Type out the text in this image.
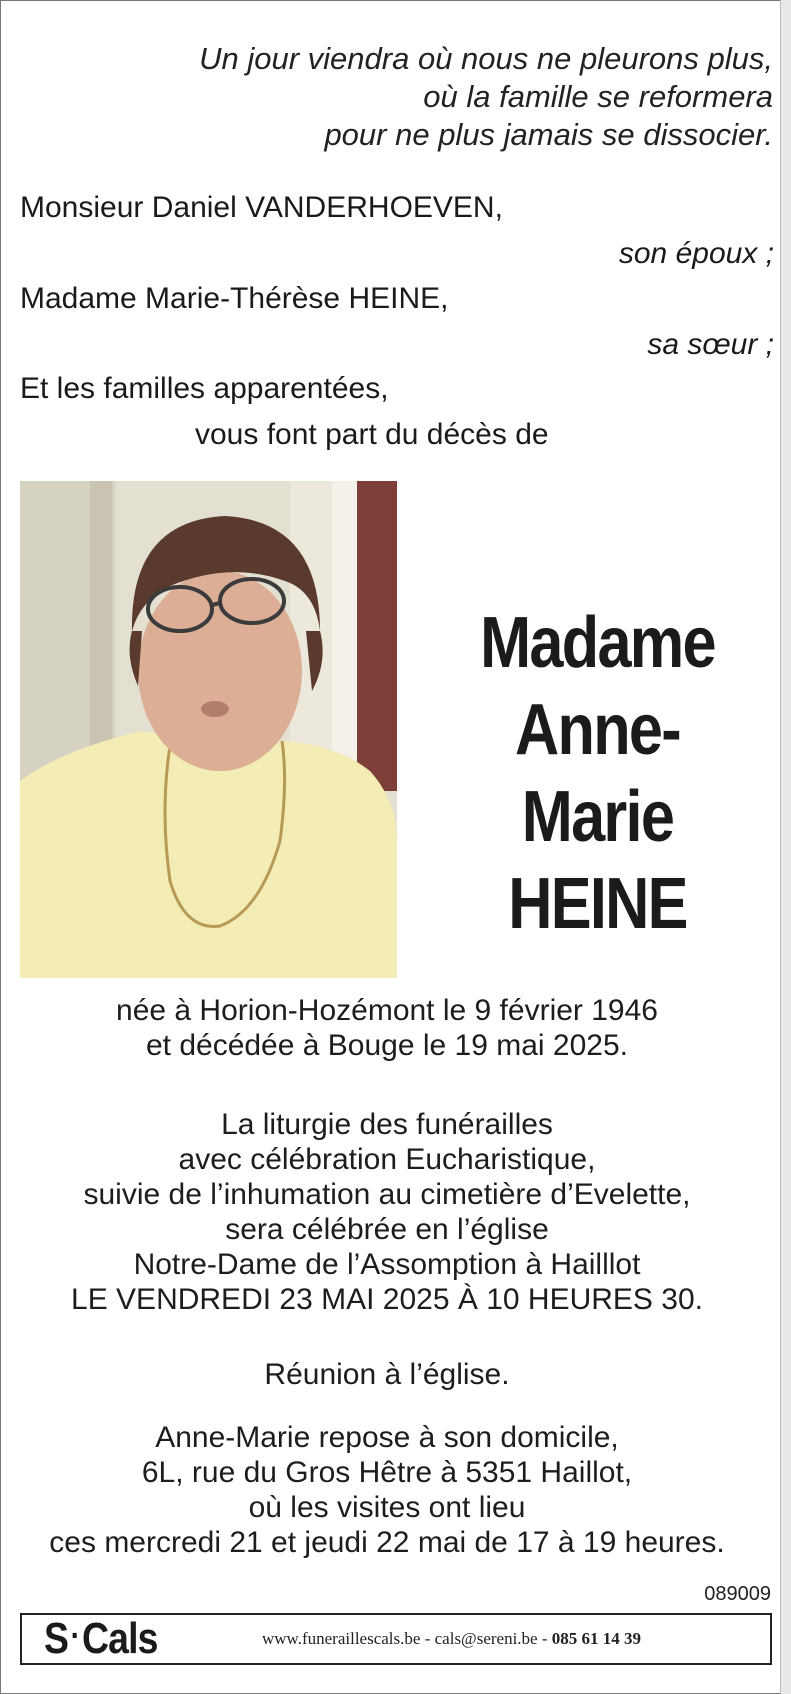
Un jour viendra où nous ne pleurons plus,
où la famille se reformera
pour ne plus jamais se dissocier.
Monsieur Daniel VANDERHOEVEN,
son époux ;
Madame Marie-Thérèse HEINE,
sa sœur ;
Et les familles apparentées,
vous font part du décès de
Madame
Anne-Marie
HEINE
née à Horion-Hozémont le 9 février 1946
et décédée à Bouge le 19 mai 2025.
La liturgie des funérailles
avec célébration Eucharistique,
suivie de l’inhumation au cimetière d’Evelette,
sera célébrée en l’église
Notre-Dame de l’Assomption à Hailllot
LE VENDREDI 23 MAI 2025 À 10 HEURES 30.
Réunion à l’église.
Anne-Marie repose à son domicile,
6L, rue du Gros Hêtre à 5351 Haillot,
où les visites ont lieu
ces mercredi 21 et jeudi 22 mai de 17 à 19 heures.
089009
S·Cals	www.funeraillescals.be - cals@sereni.be - 085 61 14 39
